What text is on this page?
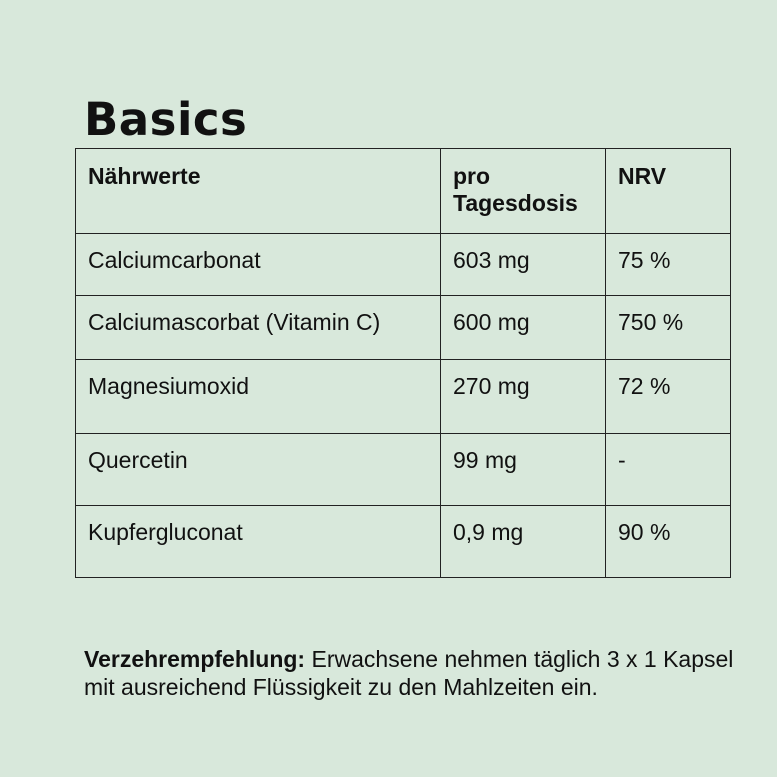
Basics
Nährwerte	pro Tagesdosis	NRV
Calciumcarbonat	603 mg	75 %
Calciumascorbat (Vitamin C)	600 mg	750 %
Magnesiumoxid	270 mg	72 %
Quercetin	99 mg	-
Kupfergluconat	0,9 mg	90 %

Verzehrempfehlung: Erwachsene nehmen täglich 3 x 1 Kapsel mit ausreichend Flüssigkeit zu den Mahlzeiten ein.
